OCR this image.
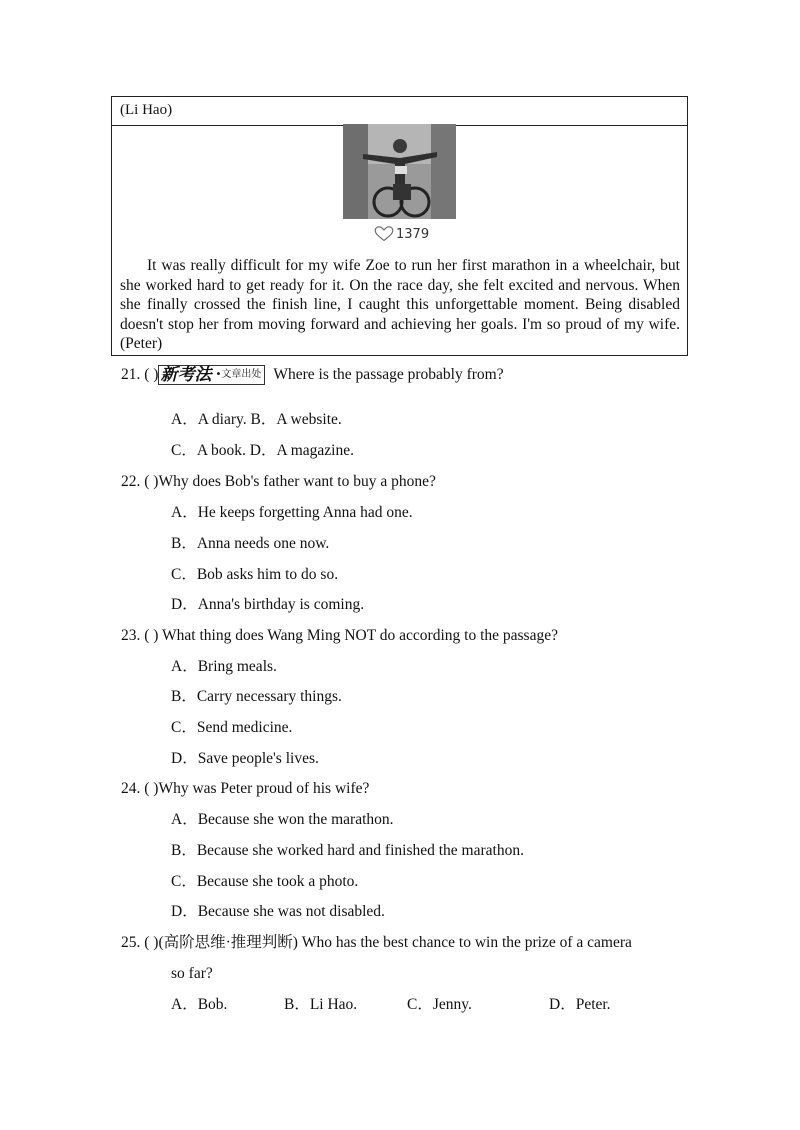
(Li Hao)
1379

It was really difficult for my wife Zoe to run her first marathon in a wheelchair, but she worked hard to get ready for it. On the race day, she felt excited and nervous. When she finally crossed the finish line, I caught this unforgettable moment. Being disabled doesn't stop her from moving forward and achieving her goals. I'm so proud of my wife. (Peter)

21. ( ) 新考法 •文章出处 Where is the passage probably from?
A．A diary. B．A website.
C．A book. D．A magazine.
22. ( )Why does Bob's father want to buy a phone?
A．He keeps forgetting Anna had one.
B．Anna needs one now.
C．Bob asks him to do so.
D．Anna's birthday is coming.
23. ( ) What thing does Wang Ming NOT do according to the passage?
A．Bring meals.
B．Carry necessary things.
C．Send medicine.
D．Save people's lives.
24. ( )Why was Peter proud of his wife?
A．Because she won the marathon.
B．Because she worked hard and finished the marathon.
C．Because she took a photo.
D．Because she was not disabled.
25. ( )(高阶思维·推理判断) Who has the best chance to win the prize of a camera
so far?
A．Bob.	B．Li Hao.	C．Jenny.	D．Peter.
